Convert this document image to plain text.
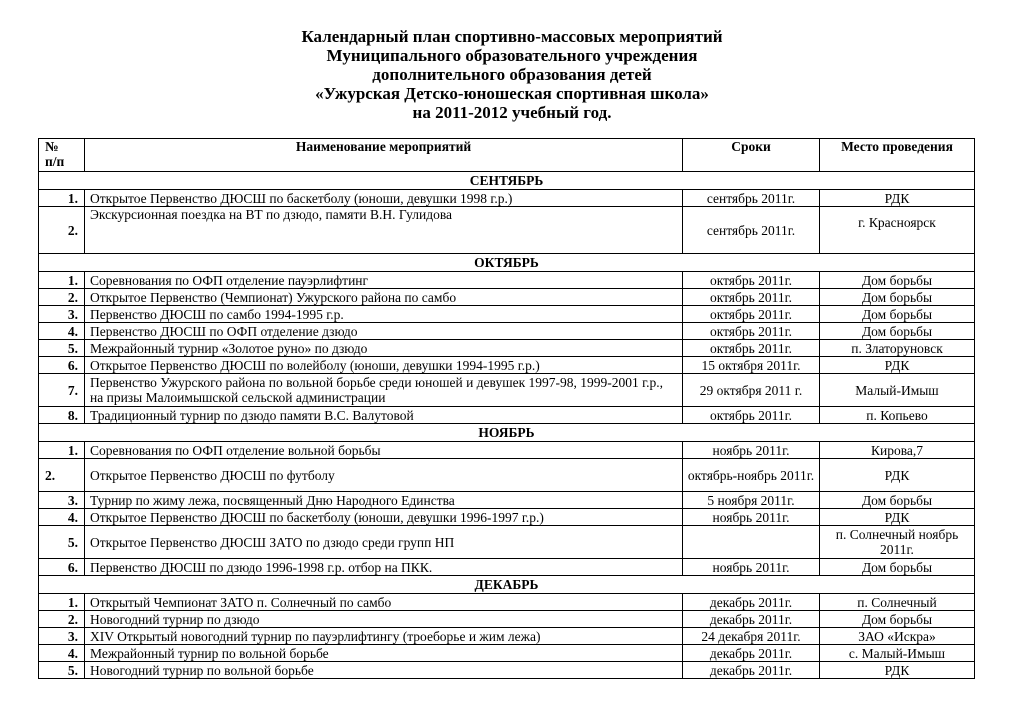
Календарный план спортивно-массовых мероприятий
Муниципального образовательного учреждения
дополнительного образования детей
«Ужурская Детско-юношеская спортивная школа»
на 2011-2012 учебный год.
№
п/п	Наименование мероприятий	Сроки	Место проведения
СЕНТЯБРЬ			
1.	Открытое Первенство ДЮСШ по баскетболу (юноши, девушки 1998 г.р.)	сентябрь 2011г.	РДК
2.	Экскурсионная поездка на ВТ по дзюдо, памяти В.Н. Гулидова	сентябрь 2011г.	г. Красноярск
ОКТЯБРЬ			
1.	Соревнования по ОФП отделение пауэрлифтинг	октябрь 2011г.	Дом борьбы
2.	Открытое Первенство (Чемпионат) Ужурского района по самбо	октябрь 2011г.	Дом борьбы
3.	Первенство ДЮСШ по самбо 1994-1995 г.р.	октябрь 2011г.	Дом борьбы
4.	Первенство ДЮСШ по ОФП отделение дзюдо	октябрь 2011г.	Дом борьбы
5.	Межрайонный турнир «Золотое руно» по дзюдо	октябрь 2011г.	п. Златоруновск
6.	Открытое Первенство ДЮСШ по волейболу (юноши, девушки 1994-1995 г.р.)	15 октября 2011г.	РДК
7.	Первенство Ужурского района по вольной борьбе среди юношей и девушек 1997-98, 1999-2001 г.р., на призы Малоимышской сельской администрации	29 октября 2011 г.	Малый-Имыш
8.	Традиционный турнир по дзюдо памяти В.С. Валутовой	октябрь 2011г.	п. Копьево
НОЯБРЬ			
1.	Соревнования по ОФП отделение вольной борьбы	ноябрь 2011г.	Кирова,7
2.	Открытое Первенство ДЮСШ по футболу	октябрь-ноябрь 2011г.	РДК
3.	Турнир по жиму лежа, посвященный Дню Народного Единства	5 ноября 2011г.	Дом борьбы
4.	Открытое Первенство ДЮСШ по баскетболу (юноши, девушки 1996-1997 г.р.)	ноябрь 2011г.	РДК
5.	Открытое Первенство ДЮСШ ЗАТО по дзюдо среди групп НП		п. Солнечный ноябрь 2011г.
6.	Первенство ДЮСШ по дзюдо 1996-1998 г.р. отбор на ПКК.	ноябрь 2011г.	Дом борьбы
ДЕКАБРЬ			
1.	Открытый Чемпионат ЗАТО п. Солнечный по самбо	декабрь 2011г.	п. Солнечный
2.	Новогодний турнир по дзюдо	декабрь 2011г.	Дом борьбы
3.	XIV Открытый новогодний турнир по пауэрлифтингу (троеборье и жим лежа)	24 декабря 2011г.	ЗАО «Искра»
4.	Межрайонный турнир по вольной борьбе	декабрь 2011г.	с. Малый-Имыш
5.	Новогодний турнир по вольной борьбе	декабрь 2011г.	РДК
